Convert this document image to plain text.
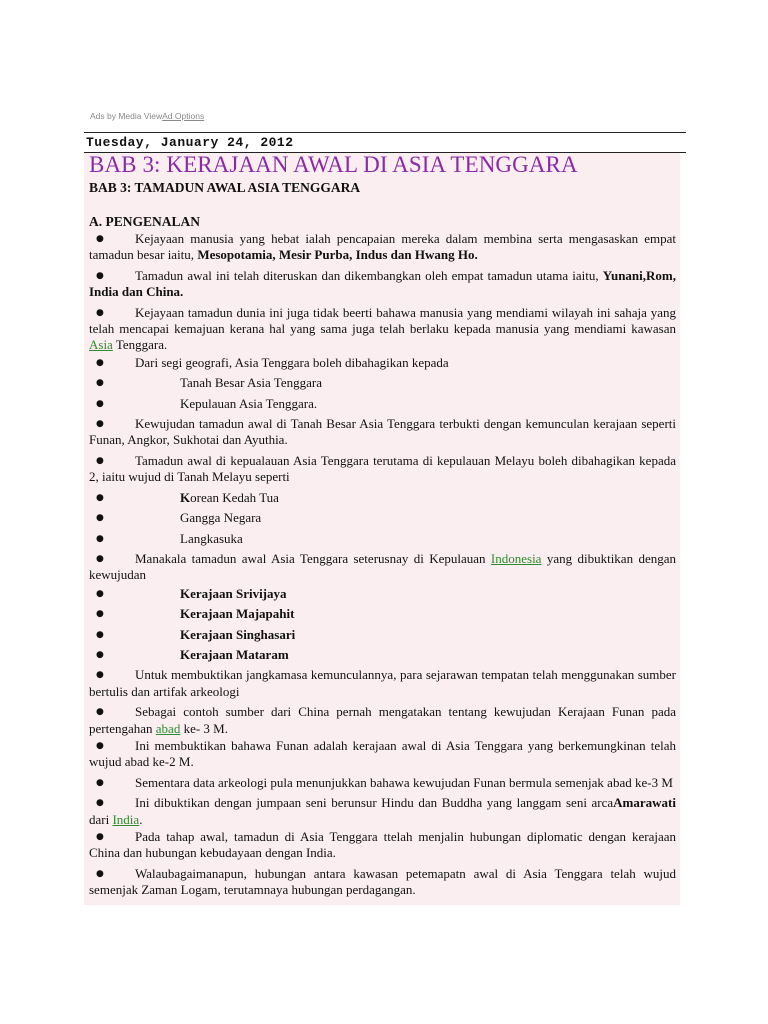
Ads by Media ViewAd Options
Tuesday, January 24, 2012
BAB 3: KERAJAAN AWAL DI ASIA TENGGARA
BAB 3: TAMADUN AWAL ASIA TENGGARA
A. PENGENALAN
●	Kejayaan manusia yang hebat ialah pencapaian mereka dalam membina serta mengasaskan empat tamadun besar iaitu, Mesopotamia, Mesir Purba, Indus dan Hwang Ho.
●	Tamadun awal ini telah diteruskan dan dikembangkan oleh empat tamadun utama iaitu, Yunani,Rom, India dan China.
●	Kejayaan tamadun dunia ini juga tidak beerti bahawa manusia yang mendiami wilayah ini sahaja yang telah mencapai kemajuan kerana hal yang sama juga telah berlaku kepada manusia yang mendiami kawasan Asia Tenggara.
●	Dari segi geografi, Asia Tenggara boleh dibahagikan kepada
●	Tanah Besar Asia Tenggara
●	Kepulauan Asia Tenggara.
●	Kewujudan tamadun awal di Tanah Besar Asia Tenggara terbukti dengan kemunculan kerajaan seperti Funan, Angkor, Sukhotai dan Ayuthia.
●	Tamadun awal di kepualauan Asia Tenggara terutama di kepulauan Melayu boleh dibahagikan kepada 2, iaitu wujud di Tanah Melayu seperti
●	Korean Kedah Tua
●	Gangga Negara
●	Langkasuka
●	Manakala tamadun awal Asia Tenggara seterusnay di Kepulauan Indonesia yang dibuktikan dengan kewujudan
●	Kerajaan Srivijaya
●	Kerajaan Majapahit
●	Kerajaan Singhasari
●	Kerajaan Mataram
●	Untuk membuktikan jangkamasa kemunculannya, para sejarawan tempatan telah menggunakan sumber bertulis dan artifak arkeologi
●	Sebagai contoh sumber dari China pernah mengatakan tentang kewujudan Kerajaan Funan pada pertengahan abad ke- 3 M.
●	Ini membuktikan bahawa Funan adalah kerajaan awal di Asia Tenggara yang berkemungkinan telah wujud abad ke-2 M.
●	Sementara data arkeologi pula menunjukkan bahawa kewujudan Funan bermula semenjak abad ke-3 M
●	Ini dibuktikan dengan jumpaan seni berunsur Hindu dan Buddha yang langgam seni arcaAmarawati dari India.
●	Pada tahap awal, tamadun di Asia Tenggara ttelah menjalin hubungan diplomatic dengan kerajaan China dan hubungan kebudayaan dengan India.
●	Walaubagaimanapun, hubungan antara kawasan petemapatn awal di Asia Tenggara telah wujud semenjak Zaman Logam, terutamnaya hubungan perdagangan.
